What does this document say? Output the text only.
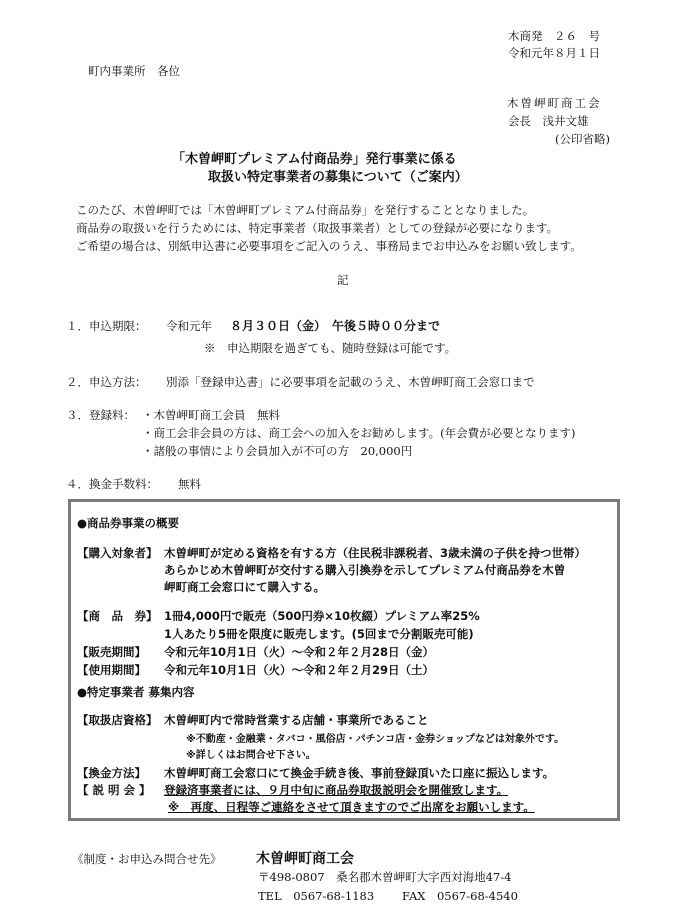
木商発　２６　号
令和元年８月１日
町内事業所　各位
木曽岬町商工会
会長　浅井文雄
(公印省略)
「木曽岬町プレミアム付商品券」発行事業に係る
取扱い特定事業者の募集について（ご案内）
このたび、木曽岬町では「木曽岬町プレミアム付商品券」を発行することとなりました。
商品券の取扱いを行うためには、特定事業者（取扱事業者）としての登録が必要になります。
ご希望の場合は、別紙申込書に必要事項をご記入のうえ、事務局までお申込みをお願い致します。
記
１．申込期限： 令和元年 ８月３０日（金）　午後５時００分まで
※　申込期限を過ぎても、随時登録は可能です。
２．申込方法： 別添「登録申込書」に必要事項を記載のうえ、木曽岬町商工会窓口まで
３．登録料： ・木曽岬町商工会員　無料
・商工会非会員の方は、商工会への加入をお勧めします。(年会費が必要となります)
・諸般の事情により会員加入が不可の方　20,000円
４．換金手数料： 無料
●商品券事業の概要
【購入対象者】 木曽岬町が定める資格を有する方（住民税非課税者、3歳未満の子供を持つ世帯）
あらかじめ木曽岬町が交付する購入引換券を示してプレミアム付商品券を木曽
岬町商工会窓口にて購入する。
【商　品　券】 1冊4,000円で販売（500円券×10枚綴）プレミアム率25%
1人あたり5冊を限度に販売します。(5回まで分割販売可能)
【販売期間】 令和元年10月1日（火）～令和２年２月28日（金）
【使用期間】 令和元年10月1日（火）～令和２年２月29日（土）
●特定事業者 募集内容
【取扱店資格】 木曽岬町内で常時営業する店舗・事業所であること
※不動産・金融業・タバコ・風俗店・パチンコ店・金券ショップなどは対象外です。
※詳しくはお問合せ下さい。
【換金方法】 木曽岬町商工会窓口にて換金手続き後、事前登録頂いた口座に振込します。
【 説 明 会 】 登録済事業者には、９月中旬に商品券取扱説明会を開催致します。
※　再度、日程等ご連絡をさせて頂きますのでご出席をお願いします。
《制度・お申込み問合せ先》 木曽岬町商工会
〒498-0807　桑名郡木曽岬町大字西対海地47-4
TEL　0567-68-1183 FAX　0567-68-4540
